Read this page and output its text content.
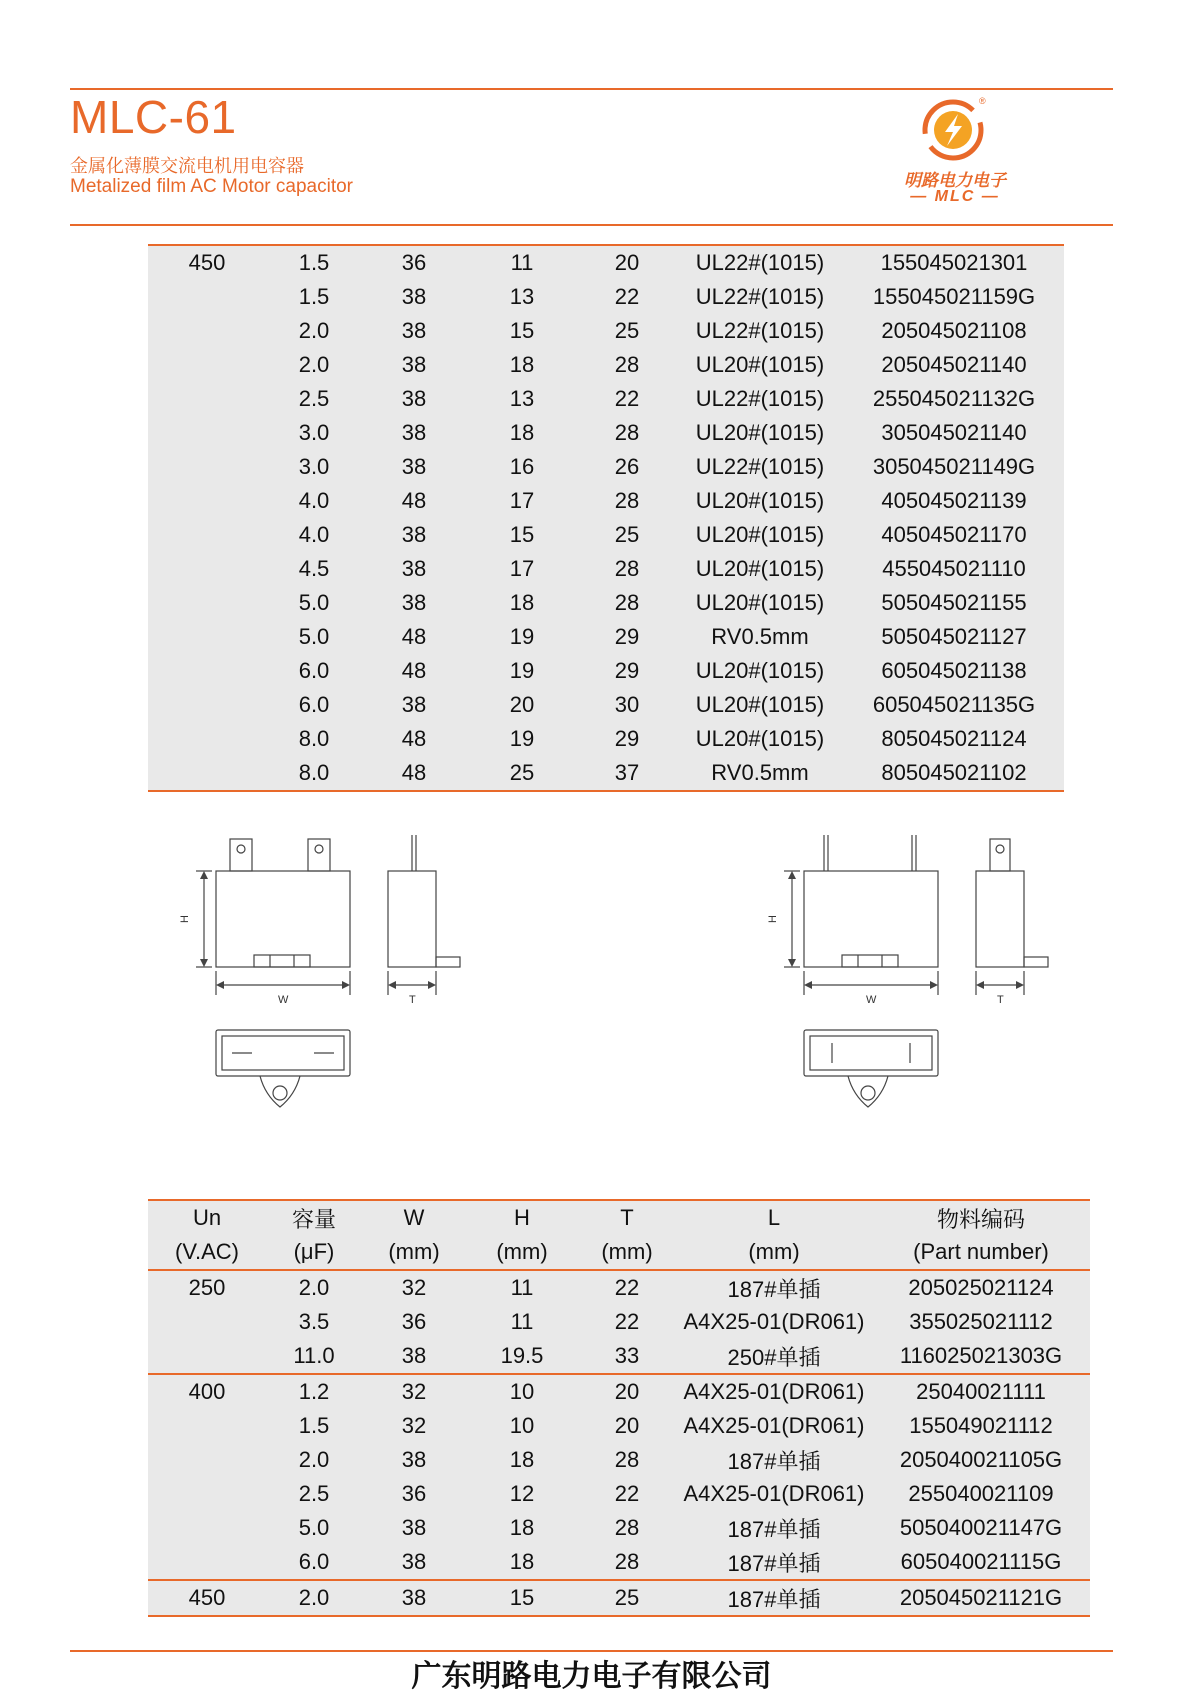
MLC-61
金属化薄膜交流电机用电容器
Metalized film AC Motor capacitor
®
明路电力电子
— MLC —
450	1.5	36	11	20	UL22#(1015)	155045021301
	1.5	38	13	22	UL22#(1015)	155045021159G
	2.0	38	15	25	UL22#(1015)	205045021108
	2.0	38	18	28	UL20#(1015)	205045021140
	2.5	38	13	22	UL22#(1015)	255045021132G
	3.0	38	18	28	UL20#(1015)	305045021140
	3.0	38	16	26	UL22#(1015)	305045021149G
	4.0	48	17	28	UL20#(1015)	405045021139
	4.0	38	15	25	UL20#(1015)	405045021170
	4.5	38	17	28	UL20#(1015)	455045021110
	5.0	38	18	28	UL20#(1015)	505045021155
	5.0	48	19	29	RV0.5mm	505045021127
	6.0	48	19	29	UL20#(1015)	605045021138
	6.0	38	20	30	UL20#(1015)	605045021135G
	8.0	48	19	29	UL20#(1015)	805045021124
	8.0	48	25	37	RV0.5mm	805045021102
H
W	T
H
W	T
Un	容量	W	H	T	L	物料编码
(V.AC)	(μF)	(mm)	(mm)	(mm)	(mm)	(Part number)
250	2.0	32	11	22	187#单插	205025021124
	3.5	36	11	22	A4X25-01(DR061)	355025021112
	11.0	38	19.5	33	250#单插	116025021303G
400	1.2	32	10	20	A4X25-01(DR061)	25040021111
	1.5	32	10	20	A4X25-01(DR061)	155049021112
	2.0	38	18	28	187#单插	205040021105G
	2.5	36	12	22	A4X25-01(DR061)	255040021109
	5.0	38	18	28	187#单插	505040021147G
	6.0	38	18	28	187#单插	605040021115G
450	2.0	38	15	25	187#单插	205045021121G
广东明路电力电子有限公司
